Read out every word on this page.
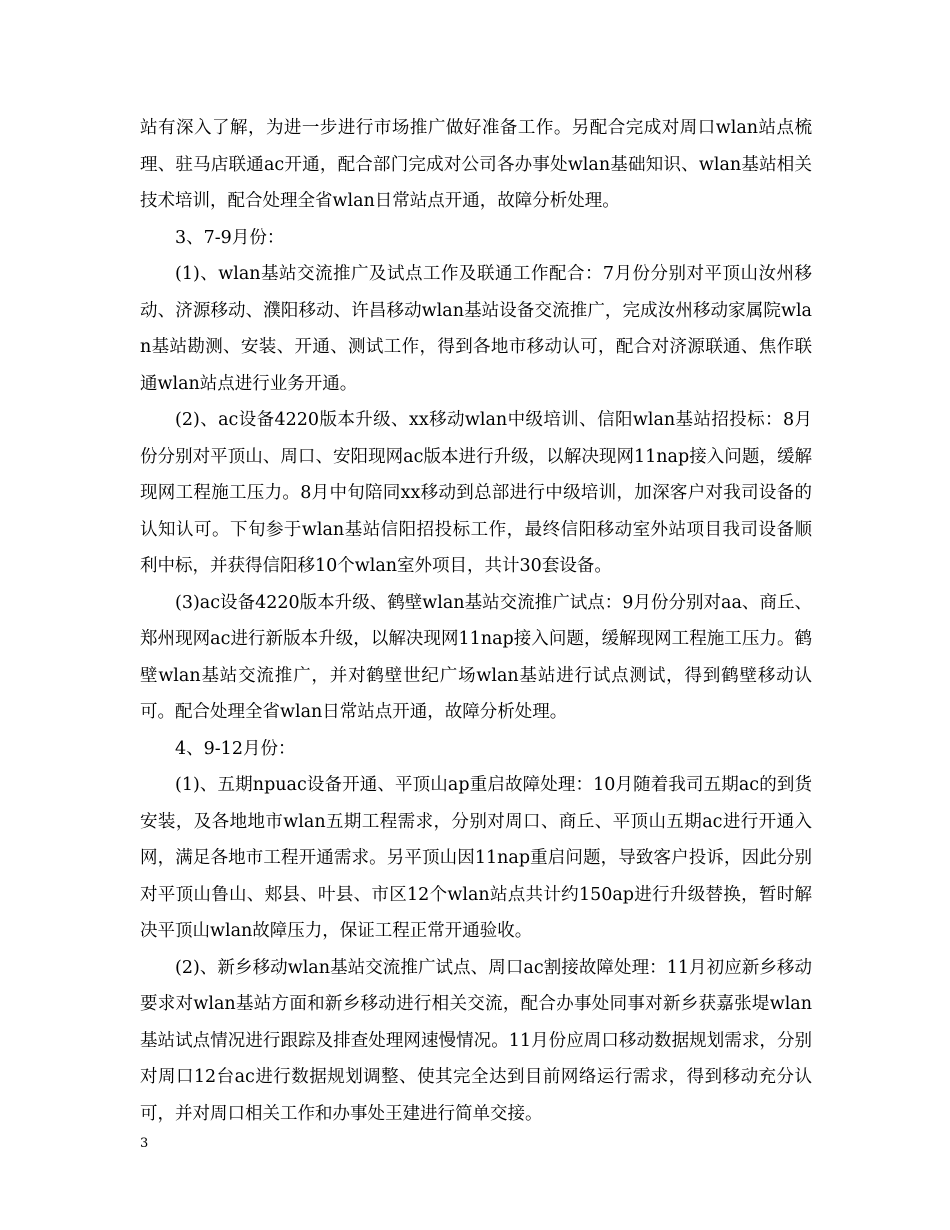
站有深入了解，为进一步进行市场推广做好准备工作。另配合完成对周口wlan站点梳理、驻马店联通ac开通，配合部门完成对公司各办事处wlan基础知识、wlan基站相关技术培训，配合处理全省wlan日常站点开通，故障分析处理。

3、7-9月份：

(1)、wlan基站交流推广及试点工作及联通工作配合：7月份分别对平顶山汝州移动、济源移动、濮阳移动、许昌移动wlan基站设备交流推广，完成汝州移动家属院wlan基站勘测、安装、开通、测试工作，得到各地市移动认可，配合对济源联通、焦作联通wlan站点进行业务开通。

(2)、ac设备4220版本升级、xx移动wlan中级培训、信阳wlan基站招投标：8月份分别对平顶山、周口、安阳现网ac版本进行升级，以解决现网11nap接入问题，缓解现网工程施工压力。8月中旬陪同xx移动到总部进行中级培训，加深客户对我司设备的认知认可。下旬参于wlan基站信阳招投标工作，最终信阳移动室外站项目我司设备顺利中标，并获得信阳移10个wlan室外项目，共计30套设备。

(3)ac设备4220版本升级、鹤壁wlan基站交流推广试点：9月份分别对aa、商丘、郑州现网ac进行新版本升级，以解决现网11nap接入问题，缓解现网工程施工压力。鹤壁wlan基站交流推广，并对鹤壁世纪广场wlan基站进行试点测试，得到鹤壁移动认可。配合处理全省wlan日常站点开通，故障分析处理。

4、9-12月份：

(1)、五期npuac设备开通、平顶山ap重启故障处理：10月随着我司五期ac的到货安装，及各地地市wlan五期工程需求，分别对周口、商丘、平顶山五期ac进行开通入网，满足各地市工程开通需求。另平顶山因11nap重启问题，导致客户投诉，因此分别对平顶山鲁山、郏县、叶县、市区12个wlan站点共计约150ap进行升级替换，暂时解决平顶山wlan故障压力，保证工程正常开通验收。

(2)、新乡移动wlan基站交流推广试点、周口ac割接故障处理：11月初应新乡移动要求对wlan基站方面和新乡移动进行相关交流，配合办事处同事对新乡获嘉张堤wlan基站试点情况进行跟踪及排查处理网速慢情况。11月份应周口移动数据规划需求，分别对周口12台ac进行数据规划调整、使其完全达到目前网络运行需求，得到移动充分认可，并对周口相关工作和办事处王建进行简单交接。

3
